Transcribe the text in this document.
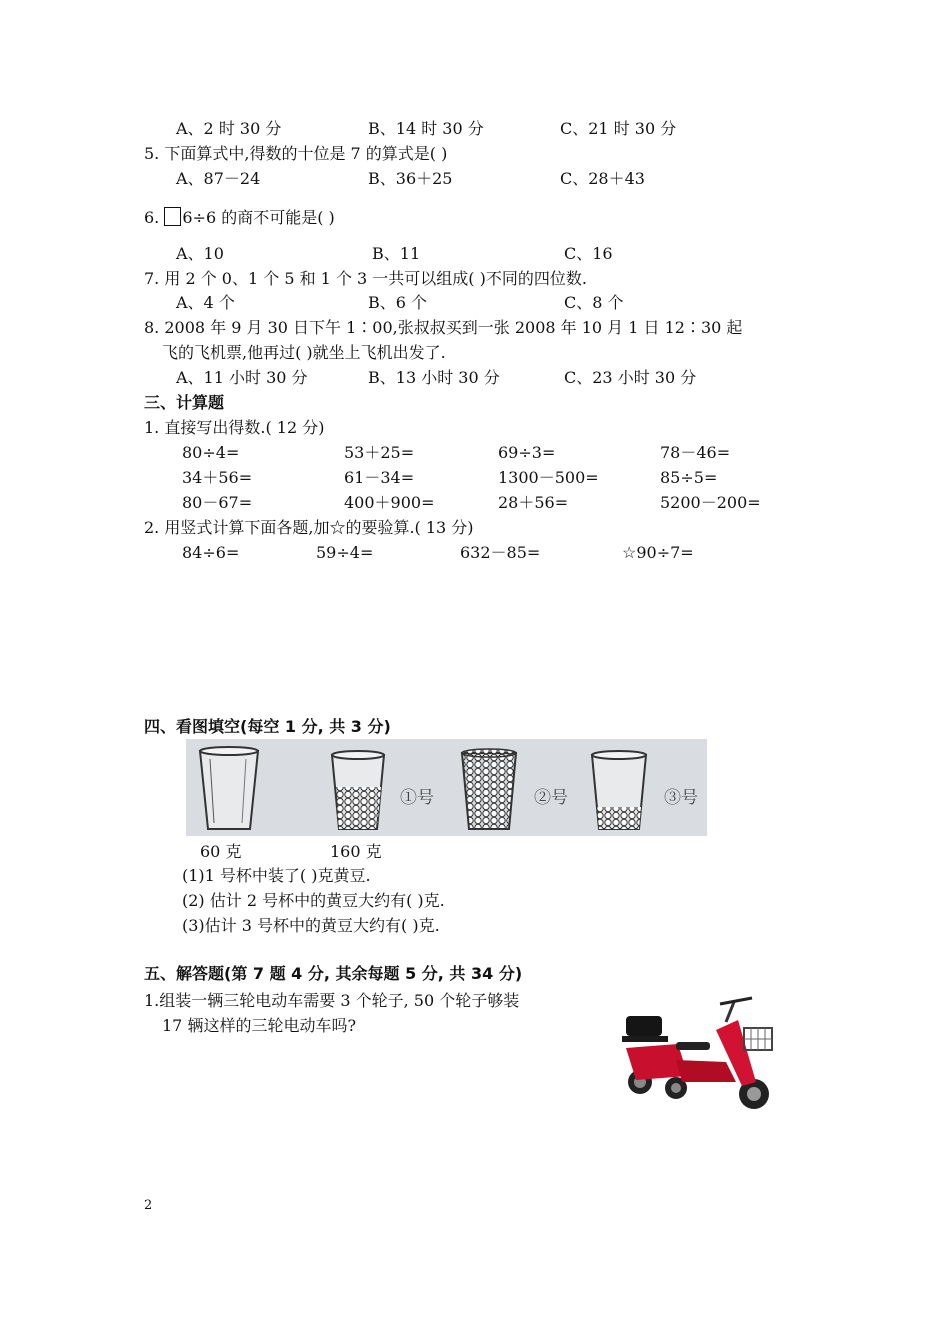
A、2 时 30 分	B、14 时 30 分	C、21 时 30 分
5. 下面算式中,得数的十位是 7 的算式是( )
A、87－24	B、36＋25	C、28＋43
6. 6÷6 的商不可能是( )
A、10	B、11	C、16
7. 用 2 个 0、1 个 5 和 1 个 3 一共可以组成( )不同的四位数.
A、4 个	B、6 个	C、8 个
8. 2008 年 9 月 30 日下午 1∶00,张叔叔买到一张 2008 年 10 月 1 日 12∶30 起
飞的飞机票,他再过( )就坐上飞机出发了.
A、11 小时 30 分	B、13 小时 30 分	C、23 小时 30 分
三、计算题
1. 直接写出得数.( 12 分)
80÷4=	53＋25=	69÷3=	78－46=
34＋56=	61－34=	1300－500=	85÷5=
80－67=	400＋900=	28＋56=	5200－200=
2. 用竖式计算下面各题,加☆的要验算.( 13 分)
84÷6=	59÷4=	632－85=	☆90÷7=
四、看图填空(每空 1 分, 共 3 分)
①号	②号	③号
60 克	160 克
(1)1 号杯中装了( )克黄豆.
(2) 估计 2 号杯中的黄豆大约有( )克.
(3)估计 3 号杯中的黄豆大约有( )克.
五、解答题(第 7 题 4 分, 其余每题 5 分, 共 34 分)
1.组装一辆三轮电动车需要 3 个轮子, 50 个轮子够装
17 辆这样的三轮电动车吗?
2
